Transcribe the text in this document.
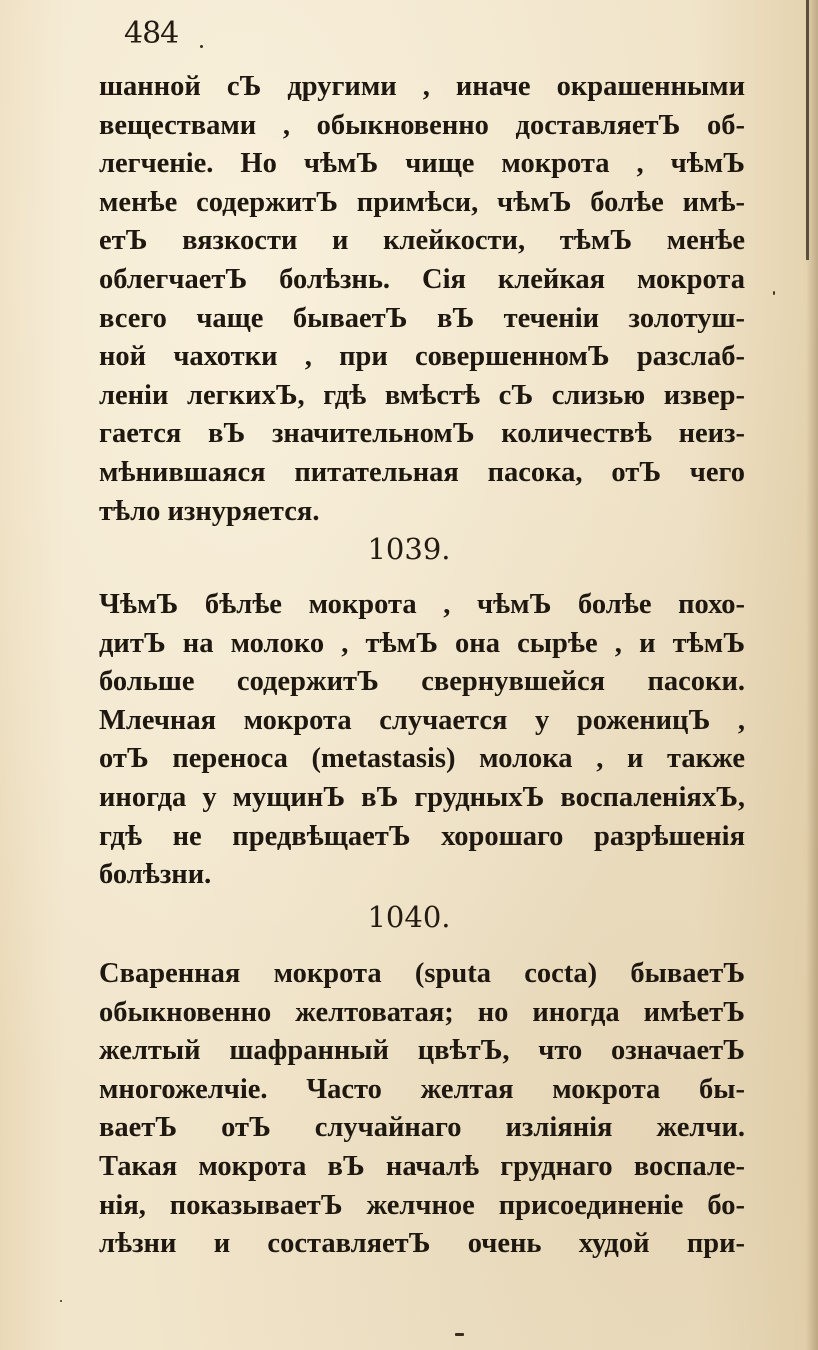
484
шанной сЪ другими , иначе окрашенными
веществами , обыкновенно доставляетЪ об-
легченіе. Но чѣмЪ чище мокрота , чѣмЪ
менѣе содержитЪ примѣси, чѣмЪ болѣе имѣ-
етЪ вязкости и клейкости, тѣмЪ менѣе
облегчаетЪ болѣзнь. Сія клейкая мокрота
всего чаще бываетЪ вЪ теченіи золотуш-
ной чахотки , при совершенномЪ разслаб-
леніи легкихЪ, гдѣ вмѣстѣ сЪ слизью извер-
гается вЪ значительномЪ количествѣ неиз-
мѣнившаяся питательная пасока, отЪ чего
тѣло изнуряется.
1039.
ЧѣмЪ бѣлѣе мокрота , чѣмЪ болѣе похо-
дитЪ на молоко , тѣмЪ она сырѣе , и тѣмЪ
больше содержитЪ свернувшейся пасоки.
Млечная мокрота случается у роженицЪ ,
отЪ переноса (metastasis) молока , и также
иногда у мущинЪ вЪ грудныхЪ воспаленіяхЪ,
гдѣ не предвѣщаетЪ хорошаго разрѣшенія
болѣзни.
1040.
Сваренная мокрота (sputa cocta) бываетЪ
обыкновенно желтоватая; но иногда имѣетЪ
желтый шафранный цвѣтЪ, что означаетЪ
многожелчіе. Часто желтая мокрота бы-
ваетЪ отЪ случайнаго изліянія желчи.
Такая мокрота вЪ началѣ груднаго воспале-
нія, показываетЪ желчное присоединеніе бо-
лѣзни и составляетЪ очень худой при-
